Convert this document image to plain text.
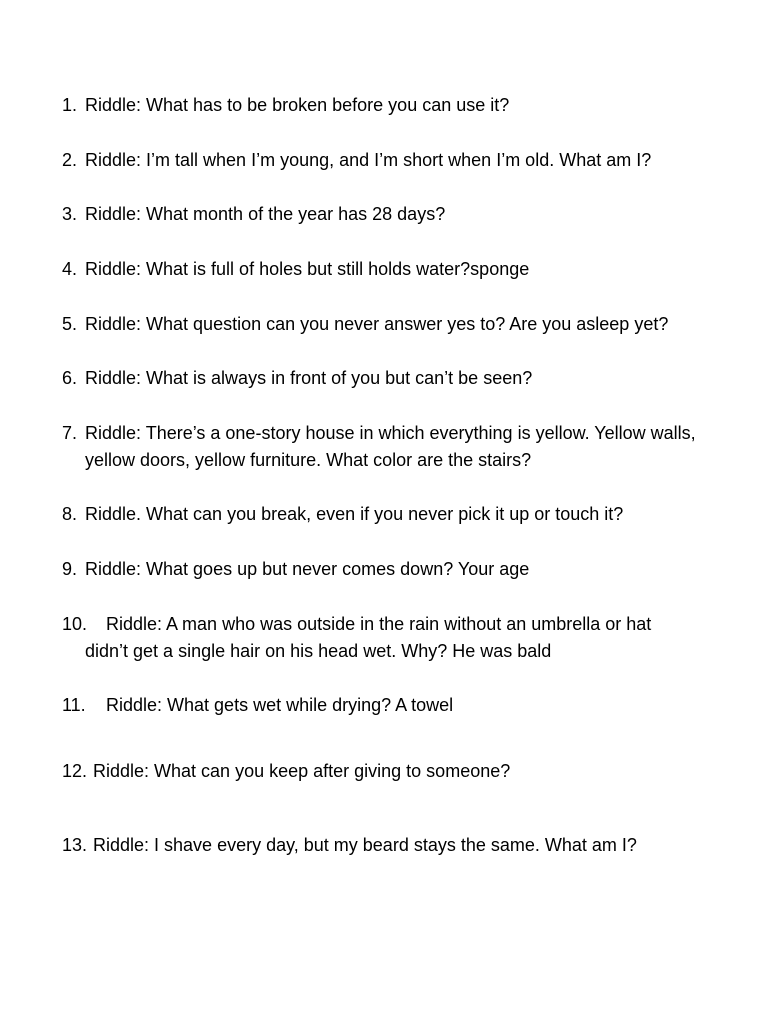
1. Riddle: What has to be broken before you can use it?
2. Riddle: I’m tall when I’m young, and I’m short when I’m old. What am I?
3. Riddle: What month of the year has 28 days?
4. Riddle: What is full of holes but still holds water?sponge
5. Riddle: What question can you never answer yes to? Are you asleep yet?
6. Riddle: What is always in front of you but can’t be seen?
7. Riddle: There’s a one-story house in which everything is yellow. Yellow walls,
yellow doors, yellow furniture. What color are the stairs?
8. Riddle. What can you break, even if you never pick it up or touch it?
9. Riddle: What goes up but never comes down? Your age
10. Riddle: A man who was outside in the rain without an umbrella or hat
didn’t get a single hair on his head wet. Why? He was bald
11. Riddle: What gets wet while drying? A towel
12. Riddle: What can you keep after giving to someone?
13. Riddle: I shave every day, but my beard stays the same. What am I?
